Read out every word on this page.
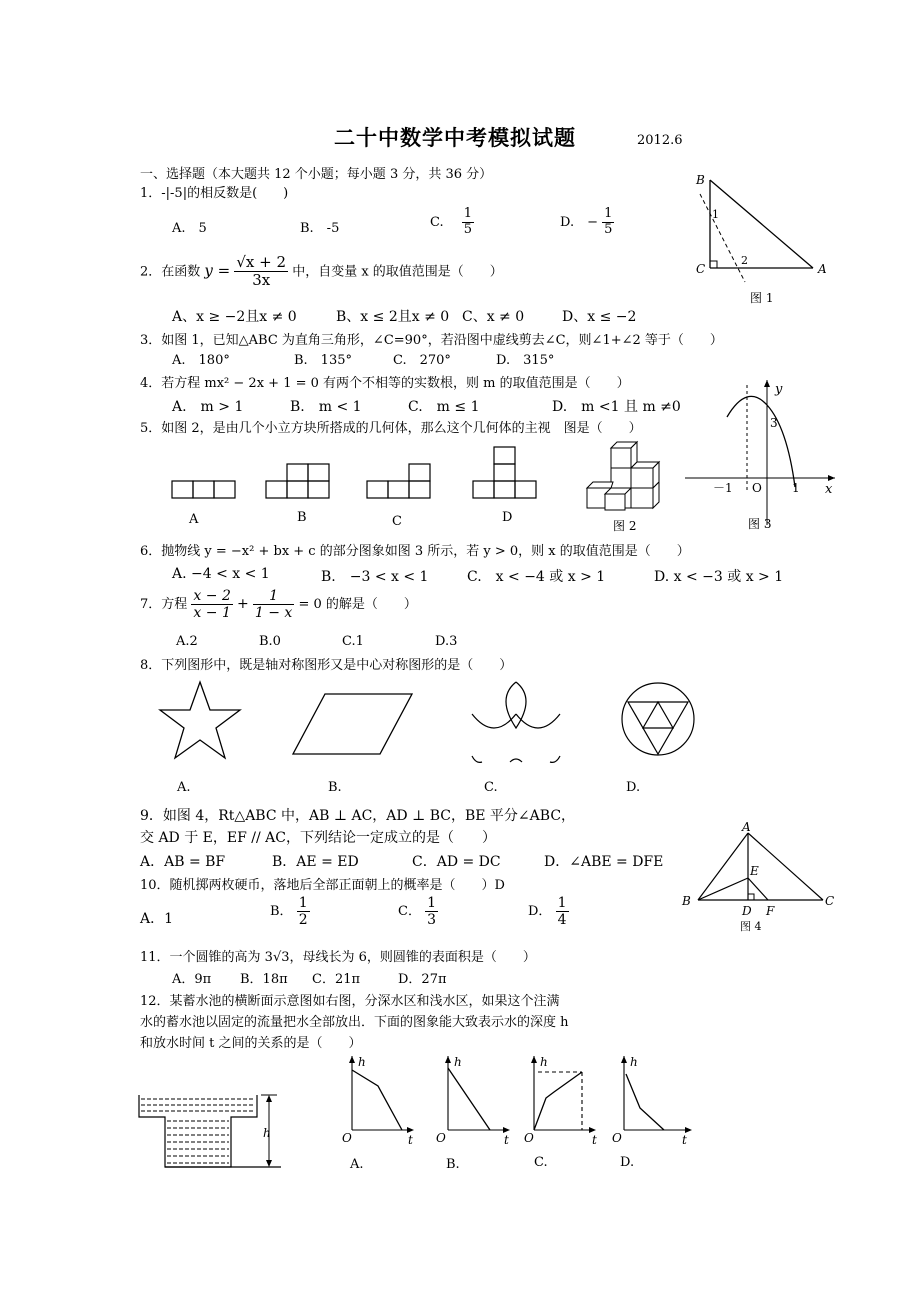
二十中数学中考模拟试题	2012.6
一、选择题（本大题共 12 个小题；每小题 3 分，共 36 分）
1．-|-5|的相反数是(　　)
A.　5	B.　-5	C. $\frac{1}{5}$	D.　− $\frac{1}{5}$
B
C	A
1
2
图 1
2．在函数 $y = \frac{√x + 2}{3x}$ 中，自变量 x 的取值范围是（　　）
A、x ≥ −2且x ≠ 0	B、x ≤ 2且x ≠ 0 C、x ≠ 0	D、x ≤ −2
3．如图 1，已知△ABC 为直角三角形，∠C=90°，若沿图中虚线剪去∠C，则∠1+∠2 等于（　　）
A.　180°	B.　135°	C.　270°	D.　315°
4．若方程 mx² − 2x + 1 = 0 有两个不相等的实数根，则 m 的取值范围是（　　）
A.　m > 1	B.　m < 1	C.　m ≤ 1	D.　m <1 且 m ≠0
5．如图 2，是由几个小立方块所搭成的几何体，那么这个几何体的主视　图是（　　）
A	B	C	D
图 2
y
x
3
－1 O	1
图 3
6．抛物线 y = −x² + bx + c 的部分图象如图 3 所示，若 y > 0，则 x 的取值范围是（　　）
A. −4 < x < 1	B.　−3 < x < 1	C.　x < −4 或 x > 1	D. x < −3 或 x > 1
7．方程 $\frac{x - 2}{x - 1} + \frac{1}{1 - x} = 0$ 的解是（　　）
A.2	B.0	C.1	D.3
8．下列图形中，既是轴对称图形又是中心对称图形的是（　　）
A.	B.	C.	D.
9．如图 4，Rt△ABC 中，AB ⊥ AC，AD ⊥ BC，BE 平分∠ABC，
交 AD 于 E，EF // AC，下列结论一定成立的是（　　）
A．AB = BF	B．AE = ED	C．AD = DC	D．∠ABE = DFE
A
B	C
D
E
F
图 4
10．随机掷两枚硬币，落地后全部正面朝上的概率是（　　）D
A．1	B． $\frac{1}{2}$	C． $\frac{1}{3}$	D． $\frac{1}{4}$
11．一个圆锥的高为 3√3，母线长为 6，则圆锥的表面积是（　　）
A．9π B．18π C．21π	D．27π
12．某蓄水池的横断面示意图如右图，分深水区和浅水区，如果这个注满
水的蓄水池以固定的流量把水全部放出．下面的图象能大致表示水的深度 h
和放水时间 t 之间的关系的是（　　）
h
h
O	t
A.
h
O	t
B.
h
O	t
C.
h
O	t
D.
